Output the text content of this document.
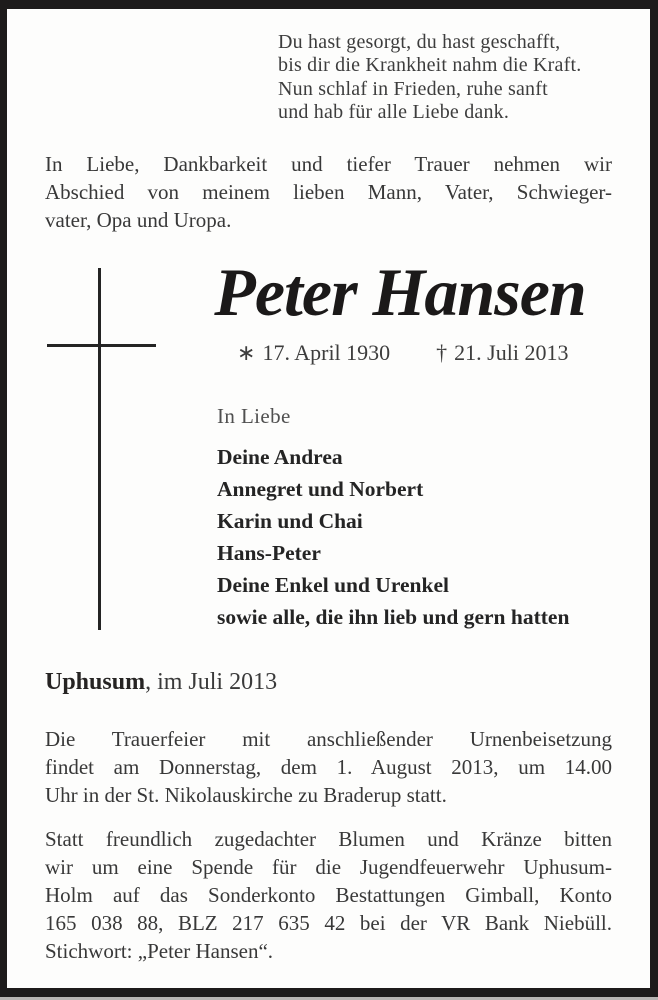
Du hast gesorgt, du hast geschafft,
bis dir die Krankheit nahm die Kraft.
Nun schlaf in Frieden, ruhe sanft
und hab für alle Liebe dank.
In Liebe, Dankbarkeit und tiefer Trauer nehmen wir
Abschied von meinem lieben Mann, Vater, Schwieger-
vater, Opa und Uropa.
Peter Hansen
∗ 17. April 1930 † 21. Juli 2013
In Liebe
Deine Andrea
Annegret und Norbert
Karin und Chai
Hans-Peter
Deine Enkel und Urenkel
sowie alle, die ihn lieb und gern hatten
Uphusum, im Juli 2013
Die Trauerfeier mit anschließender Urnenbeisetzung
findet am Donnerstag, dem 1. August 2013, um 14.00
Uhr in der St. Nikolauskirche zu Braderup statt.
Statt freundlich zugedachter Blumen und Kränze bitten
wir um eine Spende für die Jugendfeuerwehr Uphusum-
Holm auf das Sonderkonto Bestattungen Gimball, Konto
165 038 88, BLZ 217 635 42 bei der VR Bank Niebüll.
Stichwort: „Peter Hansen“.
